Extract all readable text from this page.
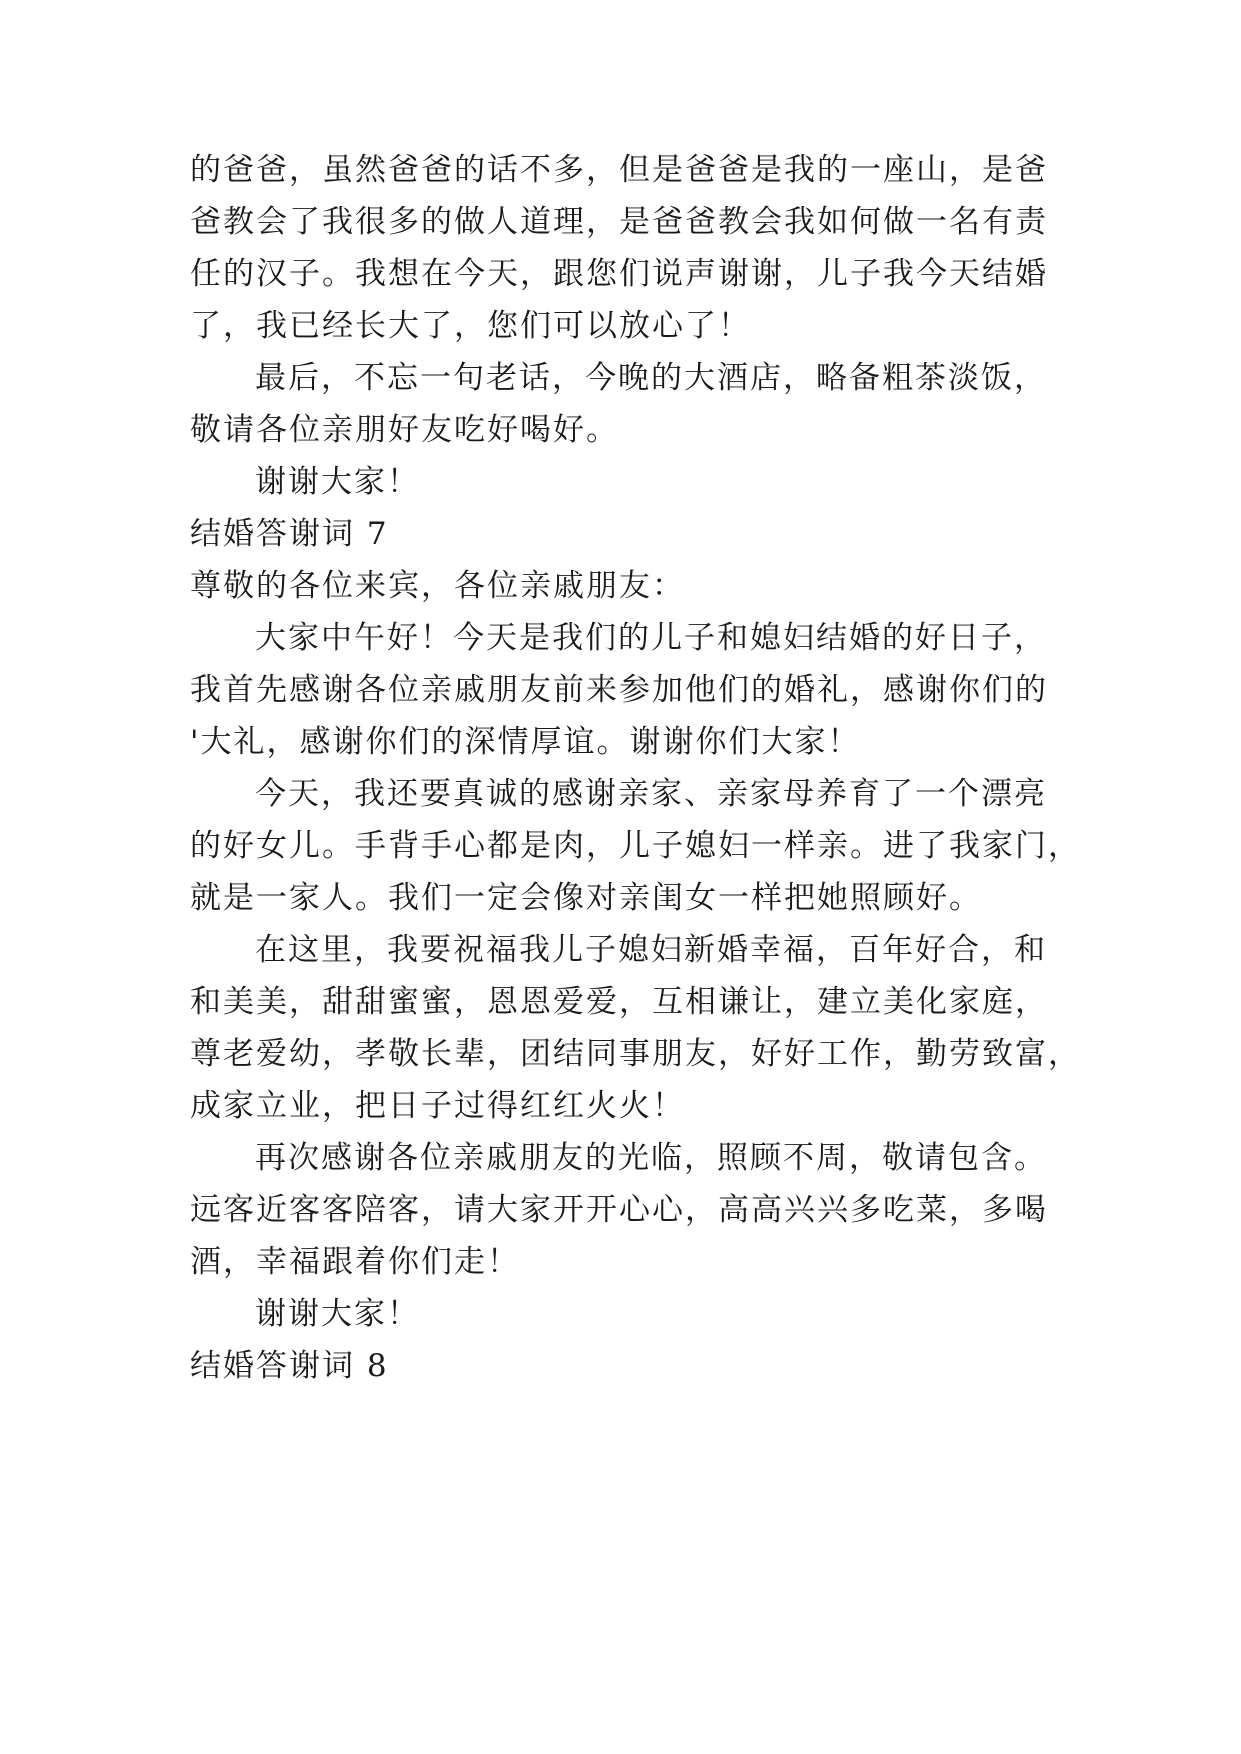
的爸爸，虽然爸爸的话不多，但是爸爸是我的一座山，是爸
爸教会了我很多的做人道理，是爸爸教会我如何做一名有责
任的汉子。我想在今天，跟您们说声谢谢，儿子我今天结婚
了，我已经长大了，您们可以放心了！
最后，不忘一句老话，今晚的大酒店，略备粗茶淡饭，
敬请各位亲朋好友吃好喝好。
谢谢大家！
结婚答谢词 7
尊敬的各位来宾，各位亲戚朋友：
大家中午好！今天是我们的儿子和媳妇结婚的好日子，
我首先感谢各位亲戚朋友前来参加他们的婚礼，感谢你们的
'大礼，感谢你们的深情厚谊。谢谢你们大家！
今天，我还要真诚的感谢亲家、亲家母养育了一个漂亮
的好女儿。手背手心都是肉，儿子媳妇一样亲。进了我家门，
就是一家人。我们一定会像对亲闺女一样把她照顾好。
在这里，我要祝福我儿子媳妇新婚幸福，百年好合，和
和美美，甜甜蜜蜜，恩恩爱爱，互相谦让，建立美化家庭，
尊老爱幼，孝敬长辈，团结同事朋友，好好工作，勤劳致富，
成家立业，把日子过得红红火火！
再次感谢各位亲戚朋友的光临，照顾不周，敬请包含。
远客近客客陪客，请大家开开心心，高高兴兴多吃菜，多喝
酒，幸福跟着你们走！
谢谢大家！
结婚答谢词 8
